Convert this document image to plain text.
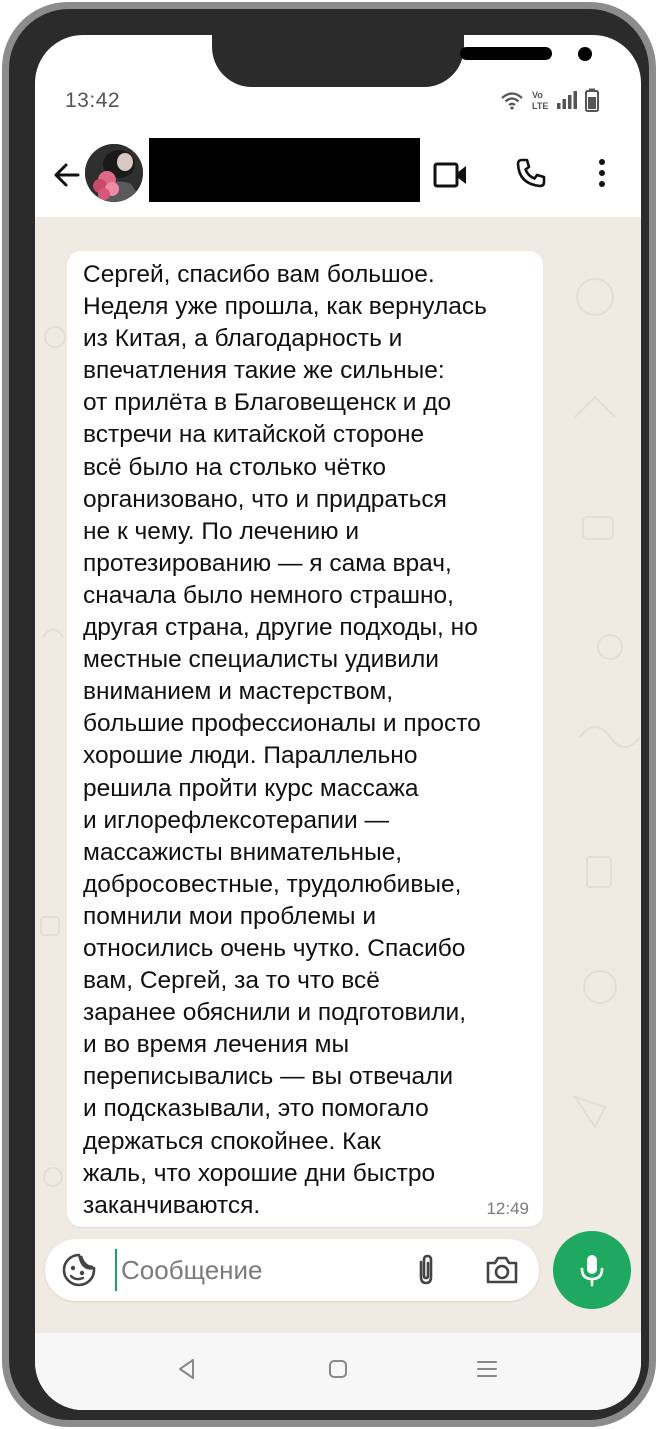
13:42	Vo
LTE
Сергей, спасибо вам большое.
Неделя уже прошла, как вернулась
из Китая, а благодарность и
впечатления такие же сильные:
от прилёта в Благовещенск и до
встречи на китайской стороне
всё было на столько чётко
организовано, что и придраться
не к чему. По лечению и
протезированию — я сама врач,
сначала было немного страшно,
другая страна, другие подходы, но
местные специалисты удивили
вниманием и мастерством,
большие профессионалы и просто
хорошие люди. Параллельно
решила пройти курс массажа
и иглорефлексотерапии —
массажисты внимательные,
добросовестные, трудолюбивые,
помнили мои проблемы и
относились очень чутко. Спасибо
вам, Сергей, за то что всё
заранее обяснили и подготовили,
и во время лечения мы
переписывались — вы отвечали
и подсказывали, это помогало
держаться спокойнее. Как
жаль, что хорошие дни быстро
заканчиваются.	12:49
Сообщение
